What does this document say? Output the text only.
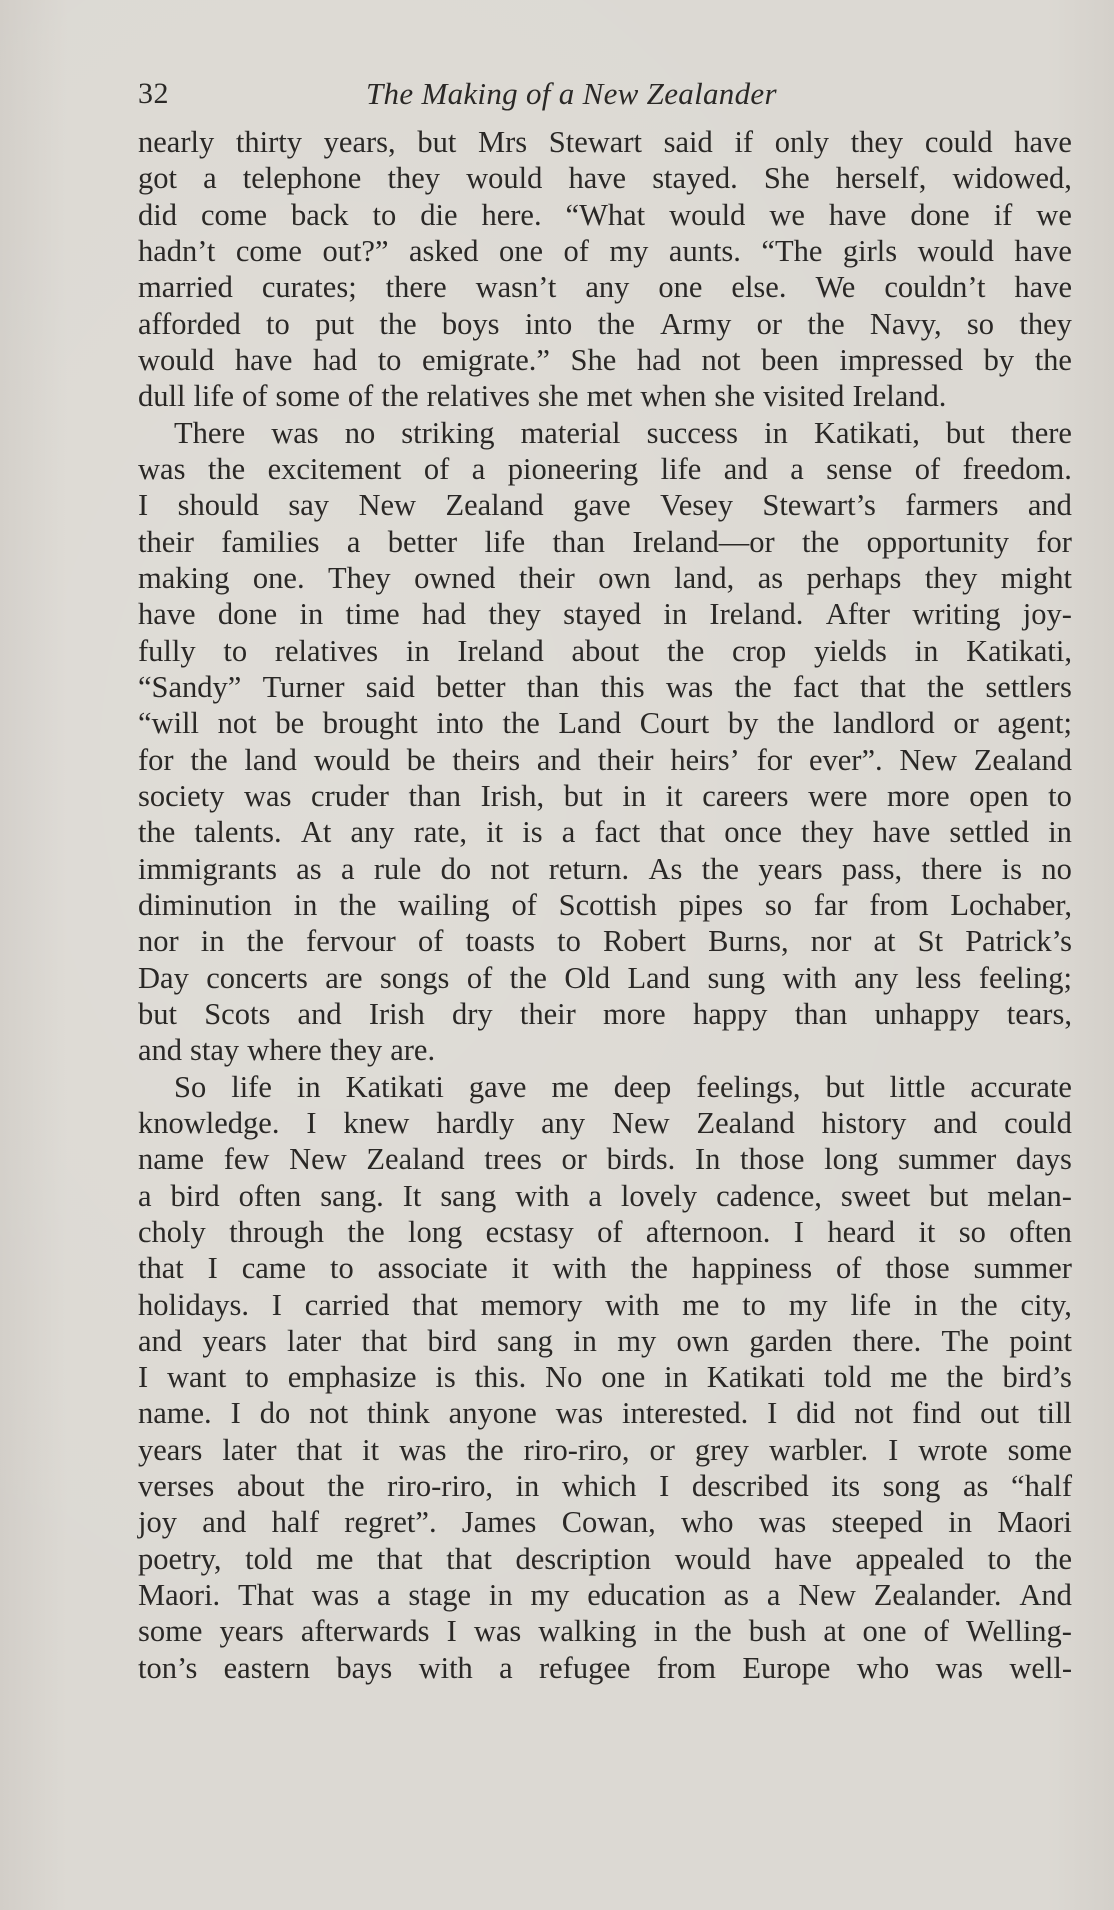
32	The Making of a New Zealander
nearly thirty years, but Mrs Stewart said if only they could have
got a telephone they would have stayed. She herself, widowed,
did come back to die here. “What would we have done if we
hadn’t come out?” asked one of my aunts. “The girls would have
married curates; there wasn’t any one else. We couldn’t have
afforded to put the boys into the Army or the Navy, so they
would have had to emigrate.” She had not been impressed by the
dull life of some of the relatives she met when she visited Ireland.
There was no striking material success in Katikati, but there
was the excitement of a pioneering life and a sense of freedom.
I should say New Zealand gave Vesey Stewart’s farmers and
their families a better life than Ireland—or the opportunity for
making one. They owned their own land, as perhaps they might
have done in time had they stayed in Ireland. After writing joy-
fully to relatives in Ireland about the crop yields in Katikati,
“Sandy” Turner said better than this was the fact that the settlers
“will not be brought into the Land Court by the landlord or agent;
for the land would be theirs and their heirs’ for ever”. New Zealand
society was cruder than Irish, but in it careers were more open to
the talents. At any rate, it is a fact that once they have settled in
immigrants as a rule do not return. As the years pass, there is no
diminution in the wailing of Scottish pipes so far from Lochaber,
nor in the fervour of toasts to Robert Burns, nor at St Patrick’s
Day concerts are songs of the Old Land sung with any less feeling;
but Scots and Irish dry their more happy than unhappy tears,
and stay where they are.
So life in Katikati gave me deep feelings, but little accurate
knowledge. I knew hardly any New Zealand history and could
name few New Zealand trees or birds. In those long summer days
a bird often sang. It sang with a lovely cadence, sweet but melan-
choly through the long ecstasy of afternoon. I heard it so often
that I came to associate it with the happiness of those summer
holidays. I carried that memory with me to my life in the city,
and years later that bird sang in my own garden there. The point
I want to emphasize is this. No one in Katikati told me the bird’s
name. I do not think anyone was interested. I did not find out till
years later that it was the riro-riro, or grey warbler. I wrote some
verses about the riro-riro, in which I described its song as “half
joy and half regret”. James Cowan, who was steeped in Maori
poetry, told me that that description would have appealed to the
Maori. That was a stage in my education as a New Zealander. And
some years afterwards I was walking in the bush at one of Welling-
ton’s eastern bays with a refugee from Europe who was well-
